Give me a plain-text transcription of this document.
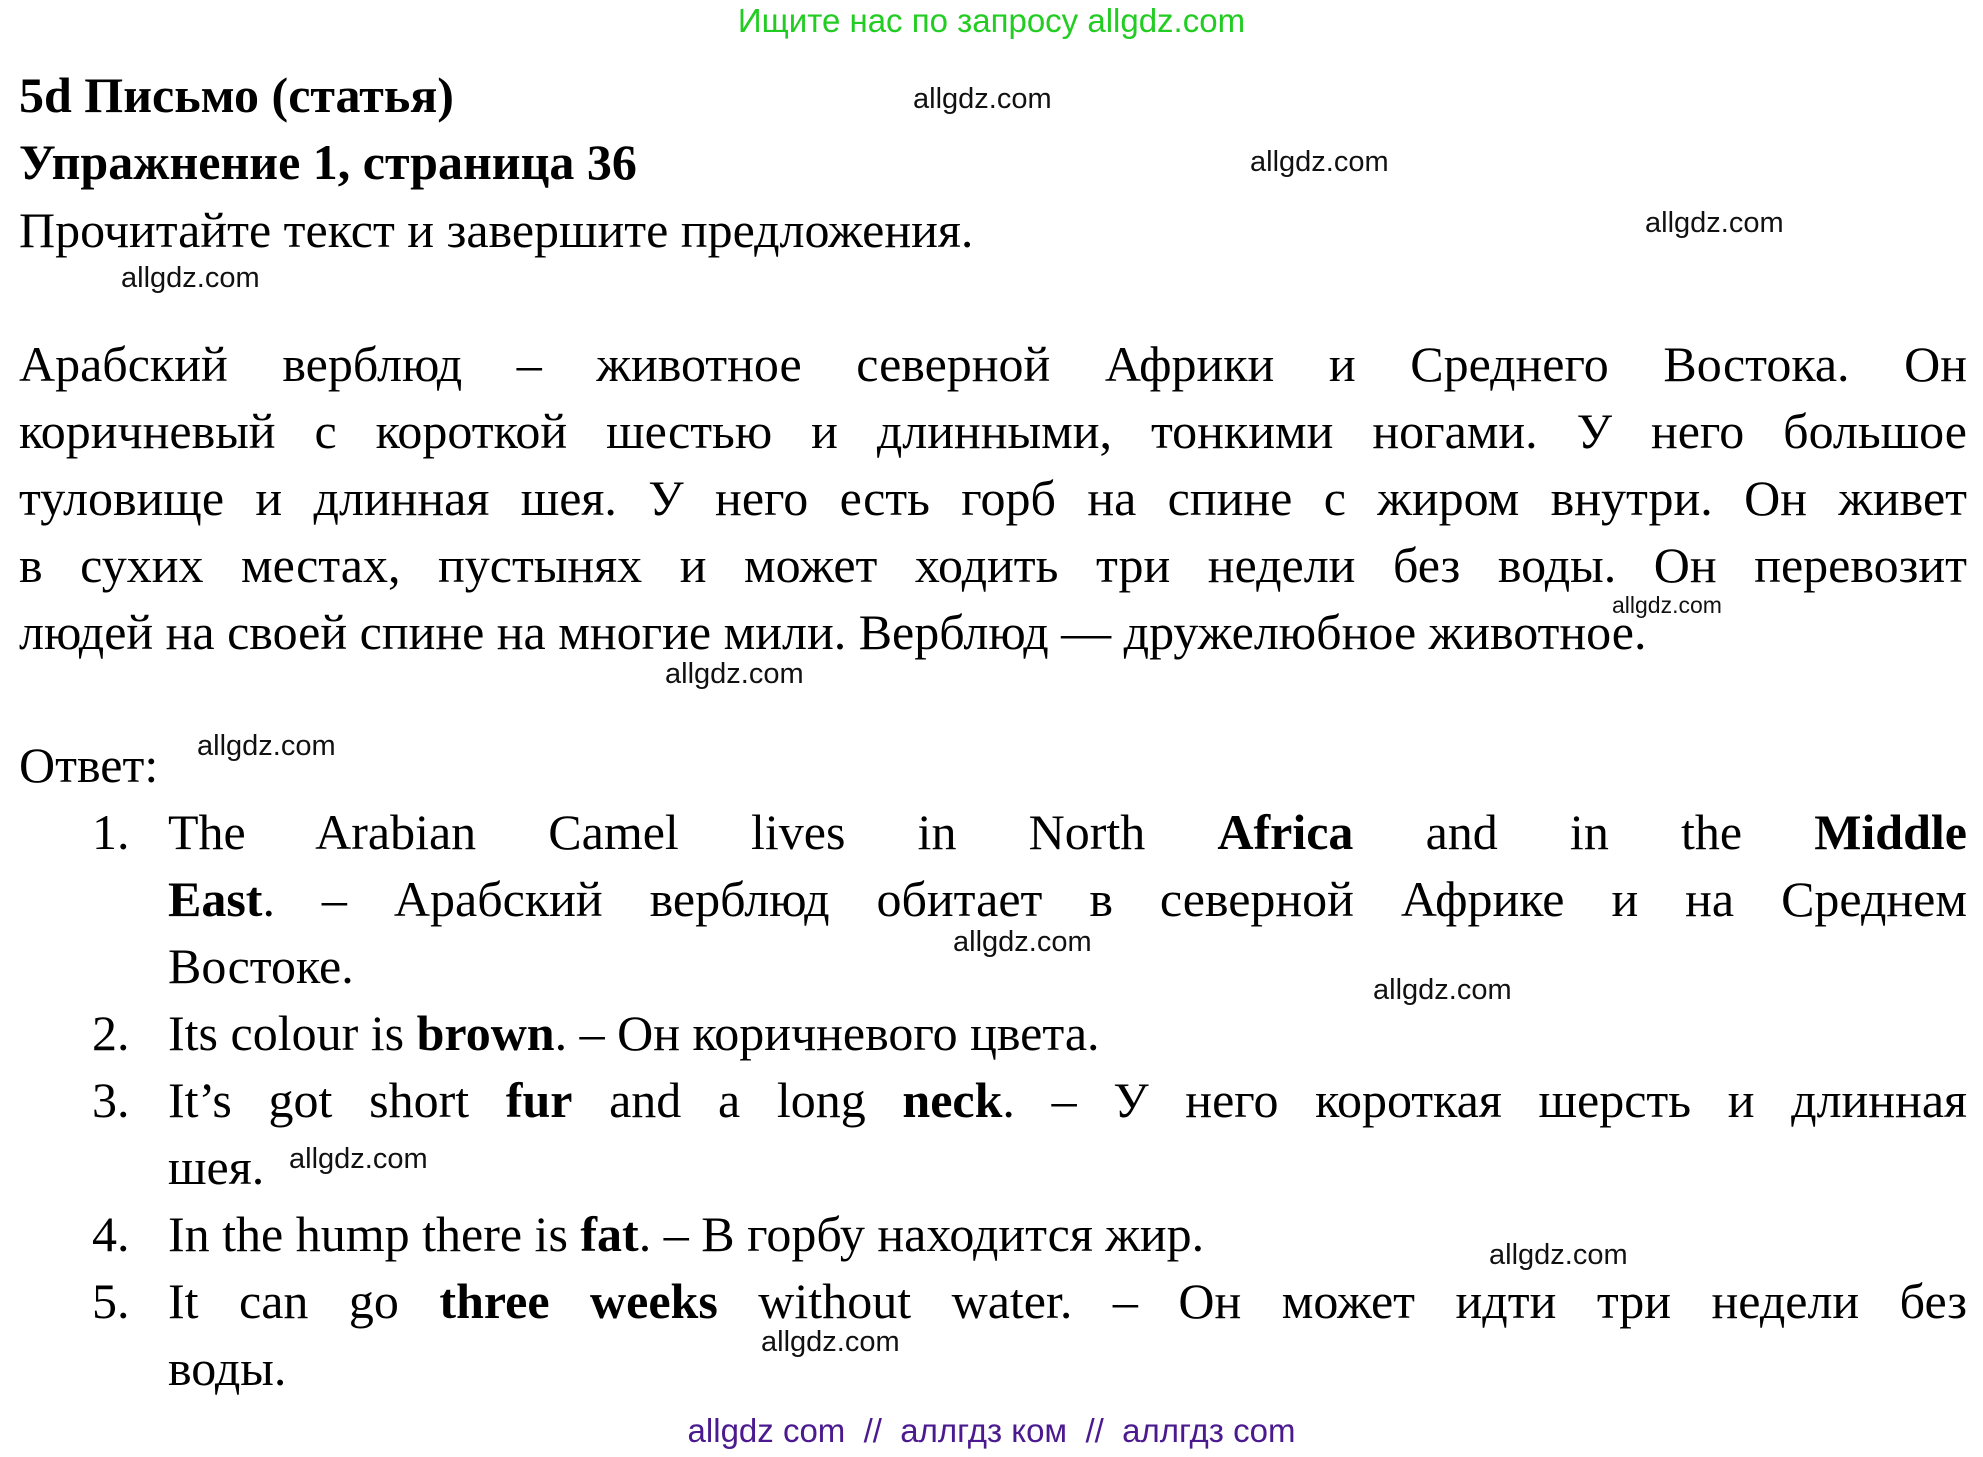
Ищите нас по запросу allgdz.com
5d Письмо (статья)
Упражнение 1, страница 36
Прочитайте текст и завершите предложения.
Арабский верблюд – животное северной Африки и Среднего Востока. Он
коричневый с короткой шестью и длинными, тонкими ногами. У него большое
туловище и длинная шея. У него есть горб на спине с жиром внутри. Он живет
в сухих местах, пустынях и может ходить три недели без воды. Он перевозит
людей на своей спине на многие мили. Верблюд — дружелюбное животное.
Ответ:
1. The Arabian Camel lives in North Africa and in the Middle
East. – Арабский верблюд обитает в северной Африке и на Среднем
Востоке.
2. Its colour is brown. – Он коричневого цвета.
3. It’s got short fur and a long neck. – У него короткая шерсть и длинная
шея.
4. In the hump there is fat. – В горбу находится жир.
5. It can go three weeks without water. – Он может идти три недели без
воды.
allgdz.com
allgdz.com
allgdz.com
allgdz.com
allgdz.com
allgdz.com
allgdz.com
allgdz.com
allgdz.com
allgdz.com
allgdz.com
allgdz.com
allgdz com  //  аллгдз ком  //  аллгдз com
